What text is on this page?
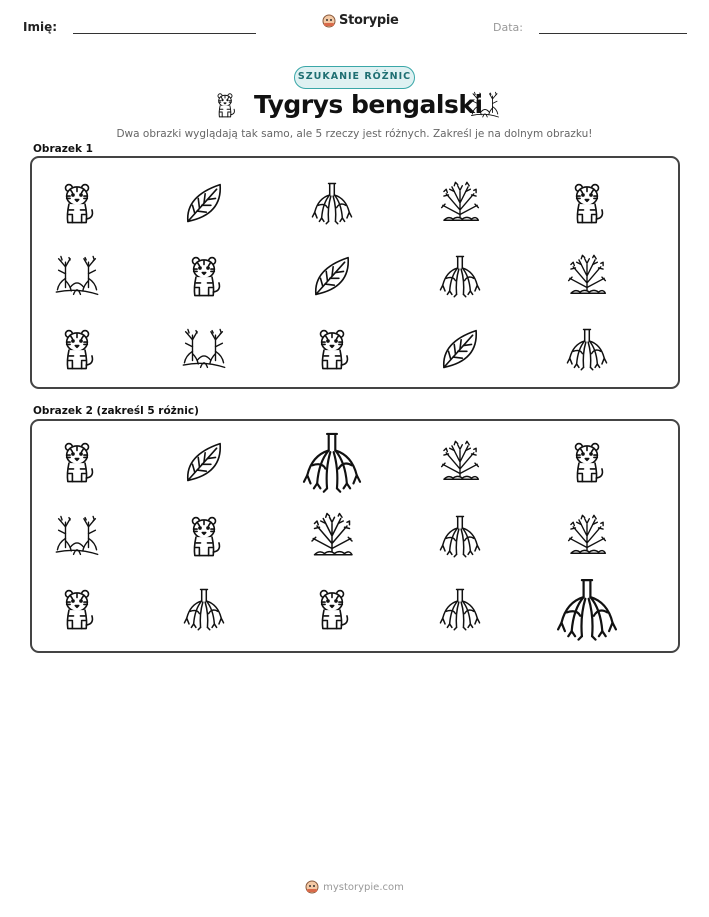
Imię:	Storypie	Data:
SZUKANIE RÓŻNIC
Tygrys bengalski
Dwa obrazki wyglądają tak samo, ale 5 rzeczy jest różnych. Zakreśl je na dolnym obrazku!
Obrazek 1
Obrazek 2 (zakreśl 5 różnic)
mystorypie.com
